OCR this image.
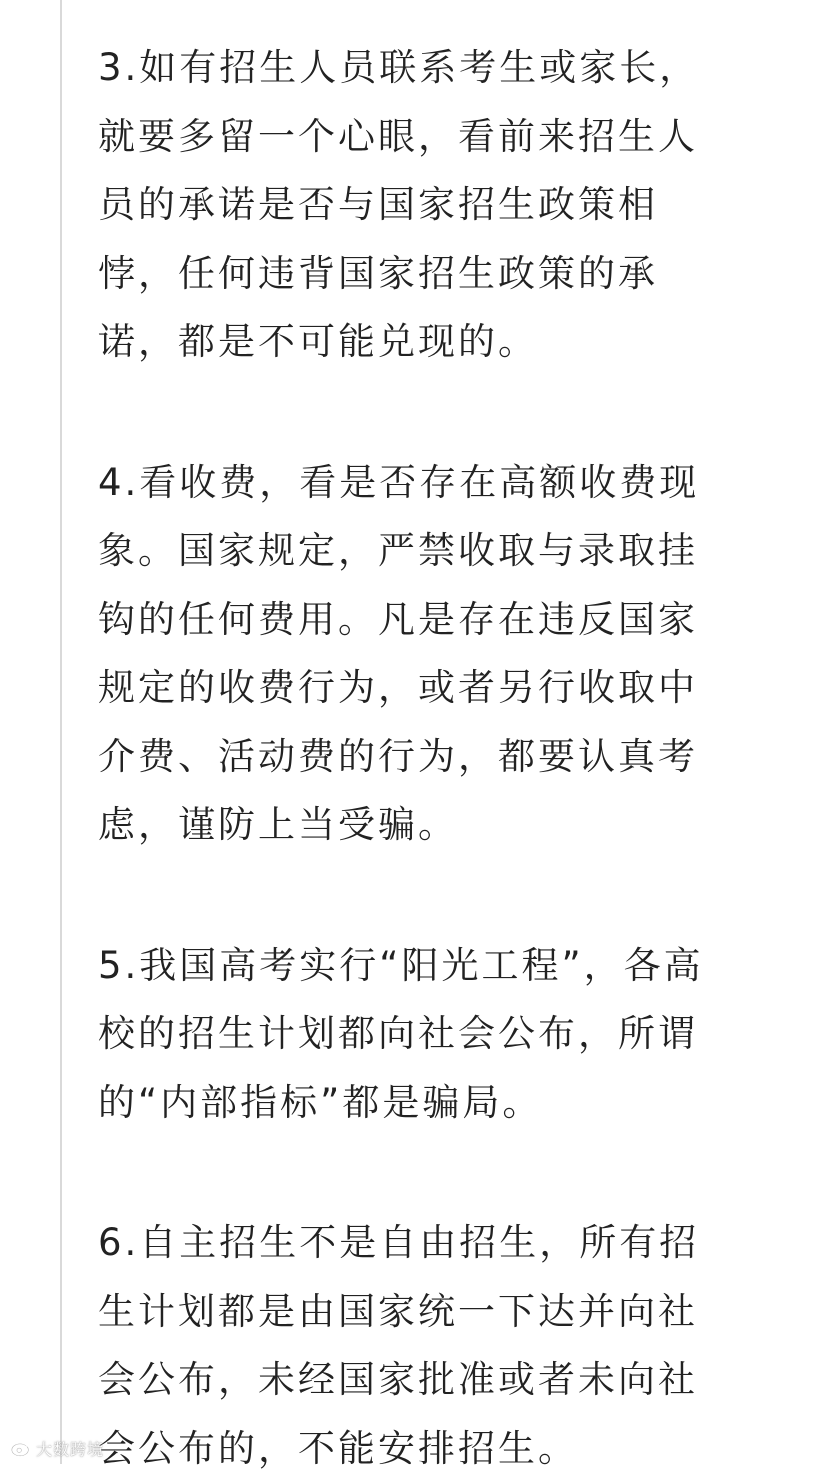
3.如有招生人员联系考生或家长，

就要多留一个心眼，看前来招生人

员的承诺是否与国家招生政策相

悖，任何违背国家招生政策的承

诺，都是不可能兑现的。

4.看收费，看是否存在高额收费现

象。国家规定，严禁收取与录取挂

钩的任何费用。凡是存在违反国家

规定的收费行为，或者另行收取中

介费、活动费的行为，都要认真考

虑，谨防上当受骗。

5.我国高考实行“阳光工程”，各高

校的招生计划都向社会公布，所谓

的“内部指标”都是骗局。

6.自主招生不是自由招生，所有招

生计划都是由国家统一下达并向社

会公布，未经国家批准或者未向社

会公布的，不能安排招生。

大数跨境
